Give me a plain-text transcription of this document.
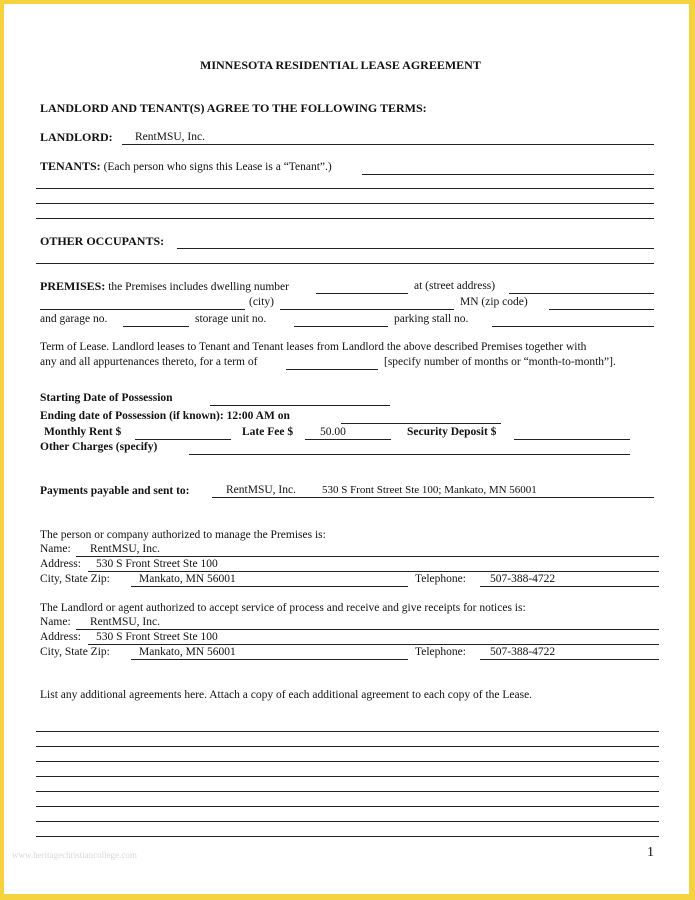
MINNESOTA RESIDENTIAL LEASE AGREEMENT
LANDLORD AND TENANT(S) AGREE TO THE FOLLOWING TERMS:
LANDLORD: RentMSU, Inc.
TENANTS: (Each person who signs this Lease is a “Tenant”.)
OTHER OCCUPANTS:
PREMISES: the Premises includes dwelling number	at (street address)
(city)	MN (zip code)
and garage no.	storage unit no.	parking stall no.
Term of Lease. Landlord leases to Tenant and Tenant leases from Landlord the above described Premises together with
any and all appurtenances thereto, for a term of	[specify number of months or “month-to-month”].
Starting Date of Possession
Ending date of Possession (if known): 12:00 AM on
Monthly Rent $	Late Fee $ 50.00	Security Deposit $
Other Charges (specify)
Payments payable and sent to:	RentMSU, Inc. 530 S Front Street Ste 100; Mankato, MN 56001
The person or company authorized to manage the Premises is:
Name: RentMSU, Inc.
Address: 530 S Front Street Ste 100
City, State Zip:	Mankato, MN 56001	Telephone: 507-388-4722
The Landlord or agent authorized to accept service of process and receive and give receipts for notices is:
Name: RentMSU, Inc.
Address: 530 S Front Street Ste 100
City, State Zip:	Mankato, MN 56001	Telephone: 507-388-4722
List any additional agreements here. Attach a copy of each additional agreement to each copy of the Lease.
www.heritagechristiancollege.com	1
